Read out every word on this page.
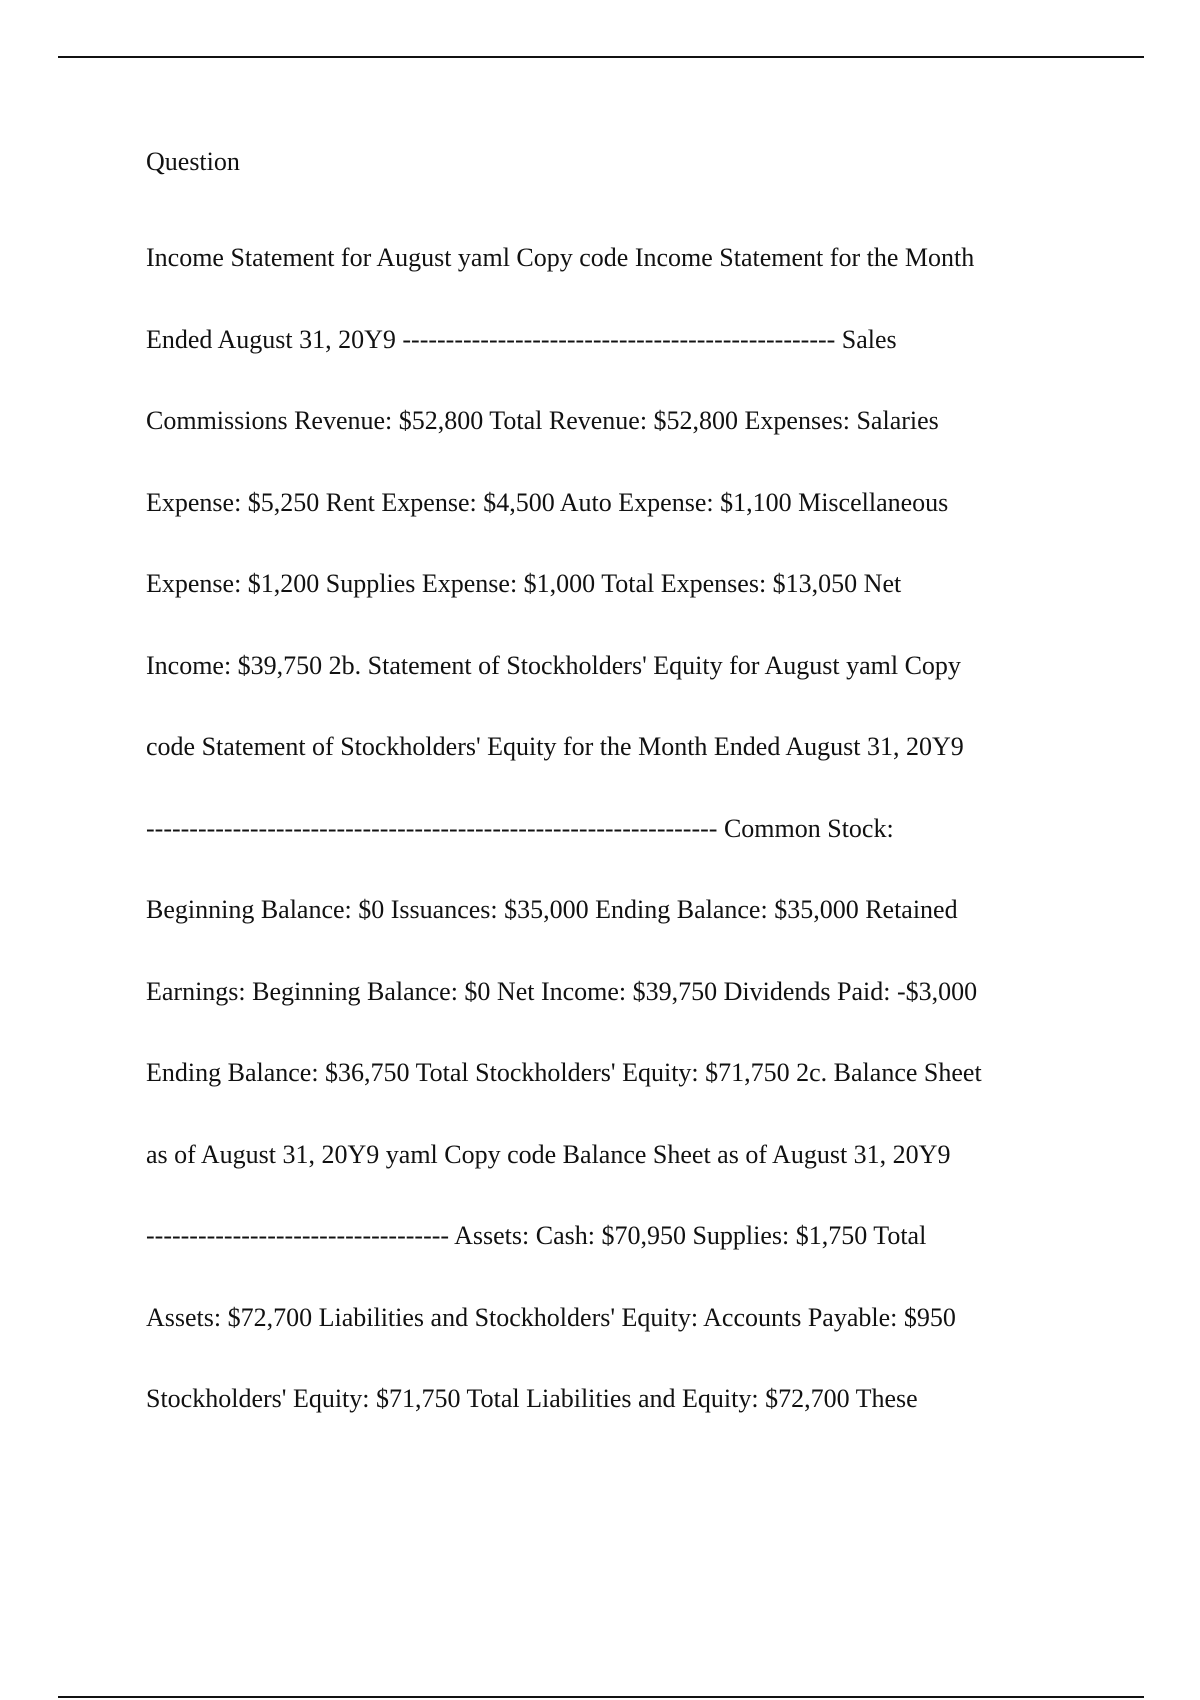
Question
Income Statement for August yaml Copy code Income Statement for the Month
Ended August 31, 20Y9 -------------------------------------------------- Sales
Commissions Revenue: $52,800 Total Revenue: $52,800 Expenses: Salaries
Expense: $5,250 Rent Expense: $4,500 Auto Expense: $1,100 Miscellaneous
Expense: $1,200 Supplies Expense: $1,000 Total Expenses: $13,050 Net
Income: $39,750 2b. Statement of Stockholders' Equity for August yaml Copy
code Statement of Stockholders' Equity for the Month Ended August 31, 20Y9
------------------------------------------------------------------ Common Stock:
Beginning Balance: $0 Issuances: $35,000 Ending Balance: $35,000 Retained
Earnings: Beginning Balance: $0 Net Income: $39,750 Dividends Paid: -$3,000
Ending Balance: $36,750 Total Stockholders' Equity: $71,750 2c. Balance Sheet
as of August 31, 20Y9 yaml Copy code Balance Sheet as of August 31, 20Y9
----------------------------------- Assets: Cash: $70,950 Supplies: $1,750 Total
Assets: $72,700 Liabilities and Stockholders' Equity: Accounts Payable: $950
Stockholders' Equity: $71,750 Total Liabilities and Equity: $72,700 These
